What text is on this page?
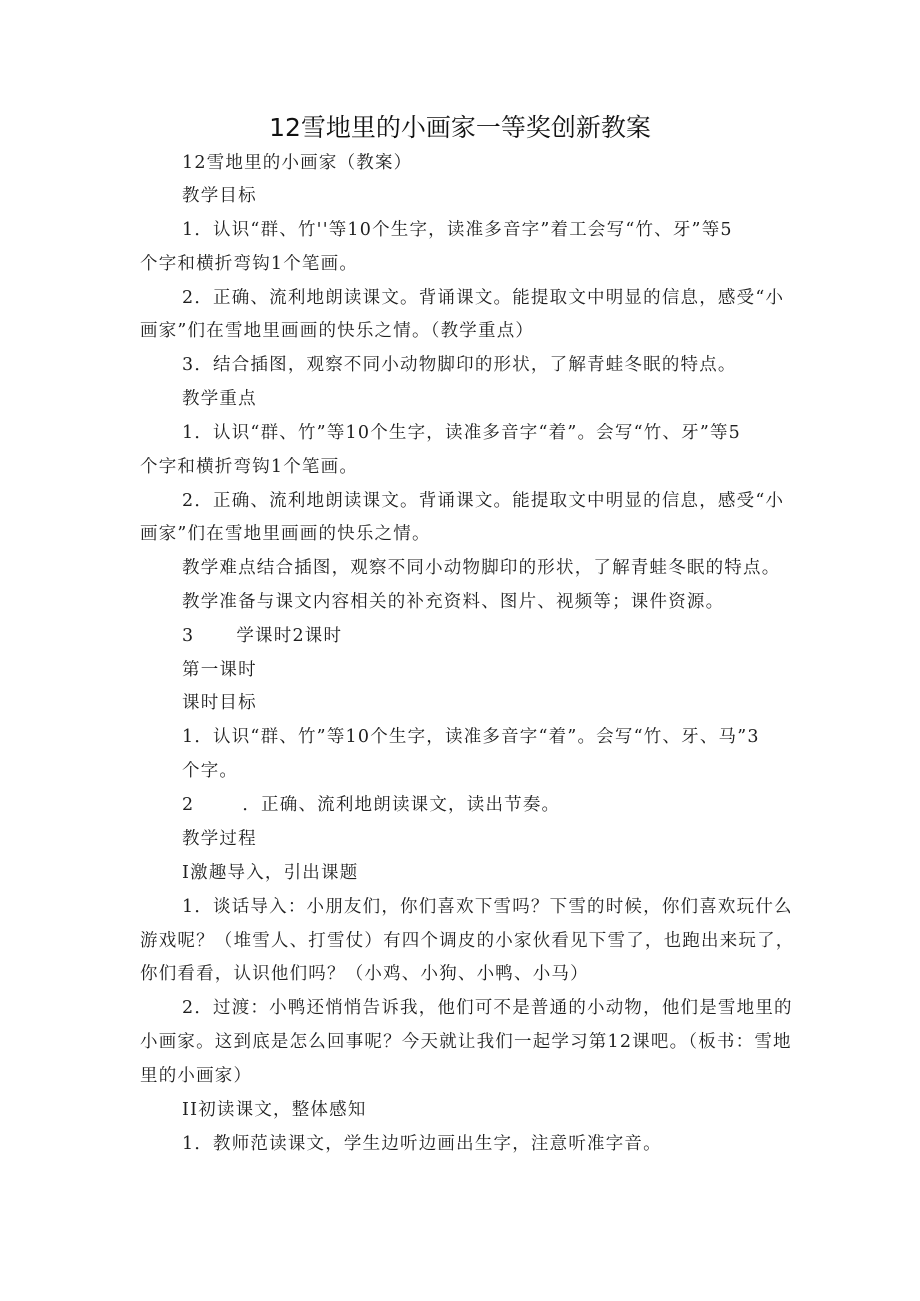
12雪地里的小画家一等奖创新教案
12雪地里的小画家（教案）
教学目标
1．认识“群、竹''等10个生字，读准多音字”着工会写“竹、牙”等5
个字和横折弯钩1个笔画。
2．正确、流利地朗读课文。背诵课文。能提取文中明显的信息，感受“小
画家”们在雪地里画画的快乐之情。（教学重点）
3．结合插图，观察不同小动物脚印的形状，了解青蛙冬眠的特点。
教学重点
1．认识“群、竹”等10个生字，读准多音字“着”。会写“竹、牙”等5
个字和横折弯钩1个笔画。
2．正确、流利地朗读课文。背诵课文。能提取文中明显的信息，感受“小
画家”们在雪地里画画的快乐之情。
教学难点结合插图，观察不同小动物脚印的形状，了解青蛙冬眠的特点。
教学准备与课文内容相关的补充资料、图片、视频等；课件资源。
3 学课时2课时
第一课时
课时目标
1．认识“群、竹”等10个生字，读准多音字“着”。会写“竹、牙、马”3
个字。
2	．正确、流利地朗读课文，读出节奏。
教学过程
I激趣导入，引出课题
1．谈话导入：小朋友们，你们喜欢下雪吗？下雪的时候，你们喜欢玩什么
游戏呢？（堆雪人、打雪仗）有四个调皮的小家伙看见下雪了，也跑出来玩了，
你们看看，认识他们吗？（小鸡、小狗、小鸭、小马）
2．过渡：小鸭还悄悄告诉我，他们可不是普通的小动物，他们是雪地里的
小画家。这到底是怎么回事呢？今天就让我们一起学习第12课吧。（板书：雪地
里的小画家）
II初读课文，整体感知
1．教师范读课文，学生边听边画出生字，注意听准字音。
